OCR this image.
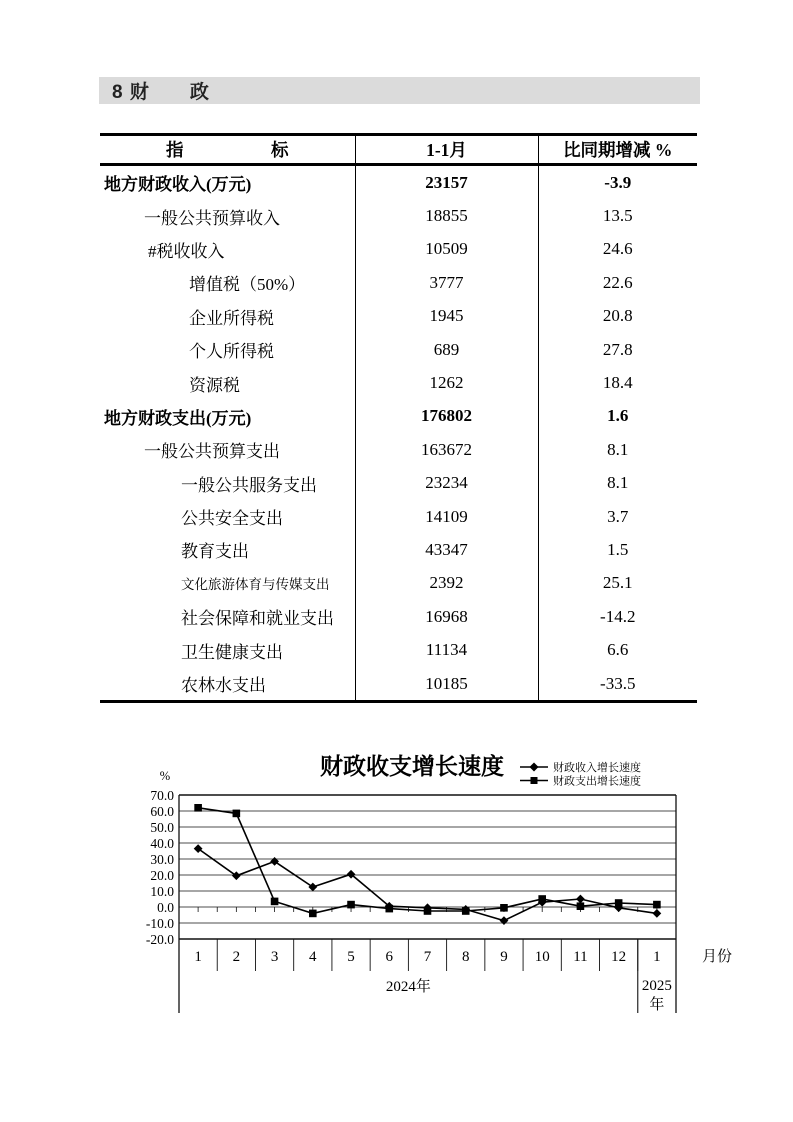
8 财　　政
指　　　　　标	1-1月	比同期增减 %
地方财政收入(万元)	23157	-3.9
一般公共预算收入	18855	13.5
#税收收入	10509	24.6
增值税（50%）	3777	22.6
企业所得税	1945	20.8
个人所得税	689	27.8
资源税	1262	18.4
地方财政支出(万元)	176802	1.6
一般公共预算支出	163672	8.1
一般公共服务支出	23234	8.1
公共安全支出	14109	3.7
教育支出	43347	1.5
文化旅游体育与传媒支出	2392	25.1
社会保障和就业支出	16968	-14.2
卫生健康支出	11134	6.6
农林水支出	10185	-33.5
-20.0
-10.0
0.0
10.0
20.0
30.0
40.0
50.0
60.0
70.0
%
1 2 3 4 5 6 7 8 9 10 11 12 1	月份
2024年	2025
年
财政收支增长速度	财政收入增长速度
财政支出增长速度
